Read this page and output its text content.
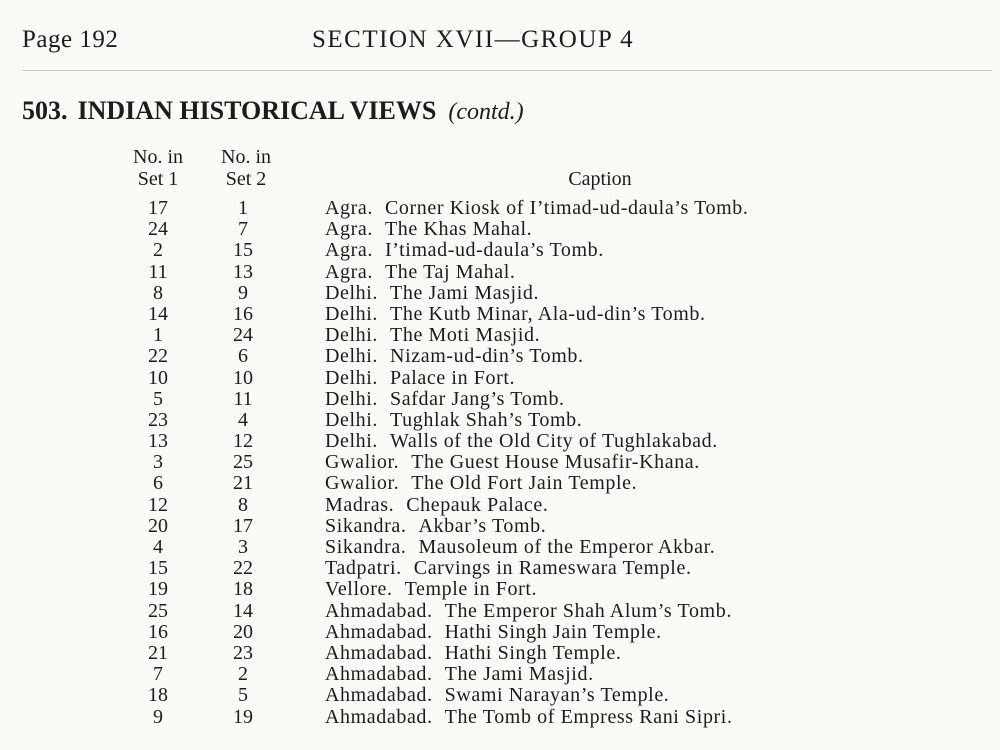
Page 192	SECTION XVII—GROUP 4
503. INDIAN HISTORICAL VIEWS (contd.)
No. in
Set 1
No. in
Set 2	Caption
17	1	Agra. Corner Kiosk of I’timad-ud-daula’s Tomb.
24	7	Agra. The Khas Mahal.
2	15	Agra. I’timad-ud-daula’s Tomb.
11	13	Agra. The Taj Mahal.
8	9	Delhi. The Jami Masjid.
14	16	Delhi. The Kutb Minar, Ala-ud-din’s Tomb.
1	24	Delhi. The Moti Masjid.
22	6	Delhi. Nizam-ud-din’s Tomb.
10	10	Delhi. Palace in Fort.
5	11	Delhi. Safdar Jang’s Tomb.
23	4	Delhi. Tughlak Shah’s Tomb.
13	12	Delhi. Walls of the Old City of Tughlakabad.
3	25	Gwalior. The Guest House Musafir-Khana.
6	21	Gwalior. The Old Fort Jain Temple.
12	8	Madras. Chepauk Palace.
20	17	Sikandra. Akbar’s Tomb.
4	3	Sikandra. Mausoleum of the Emperor Akbar.
15	22	Tadpatri. Carvings in Rameswara Temple.
19	18	Vellore. Temple in Fort.
25	14	Ahmadabad. The Emperor Shah Alum’s Tomb.
16	20	Ahmadabad. Hathi Singh Jain Temple.
21	23	Ahmadabad. Hathi Singh Temple.
7	2	Ahmadabad. The Jami Masjid.
18	5	Ahmadabad. Swami Narayan’s Temple.
9	19	Ahmadabad. The Tomb of Empress Rani Sipri.
